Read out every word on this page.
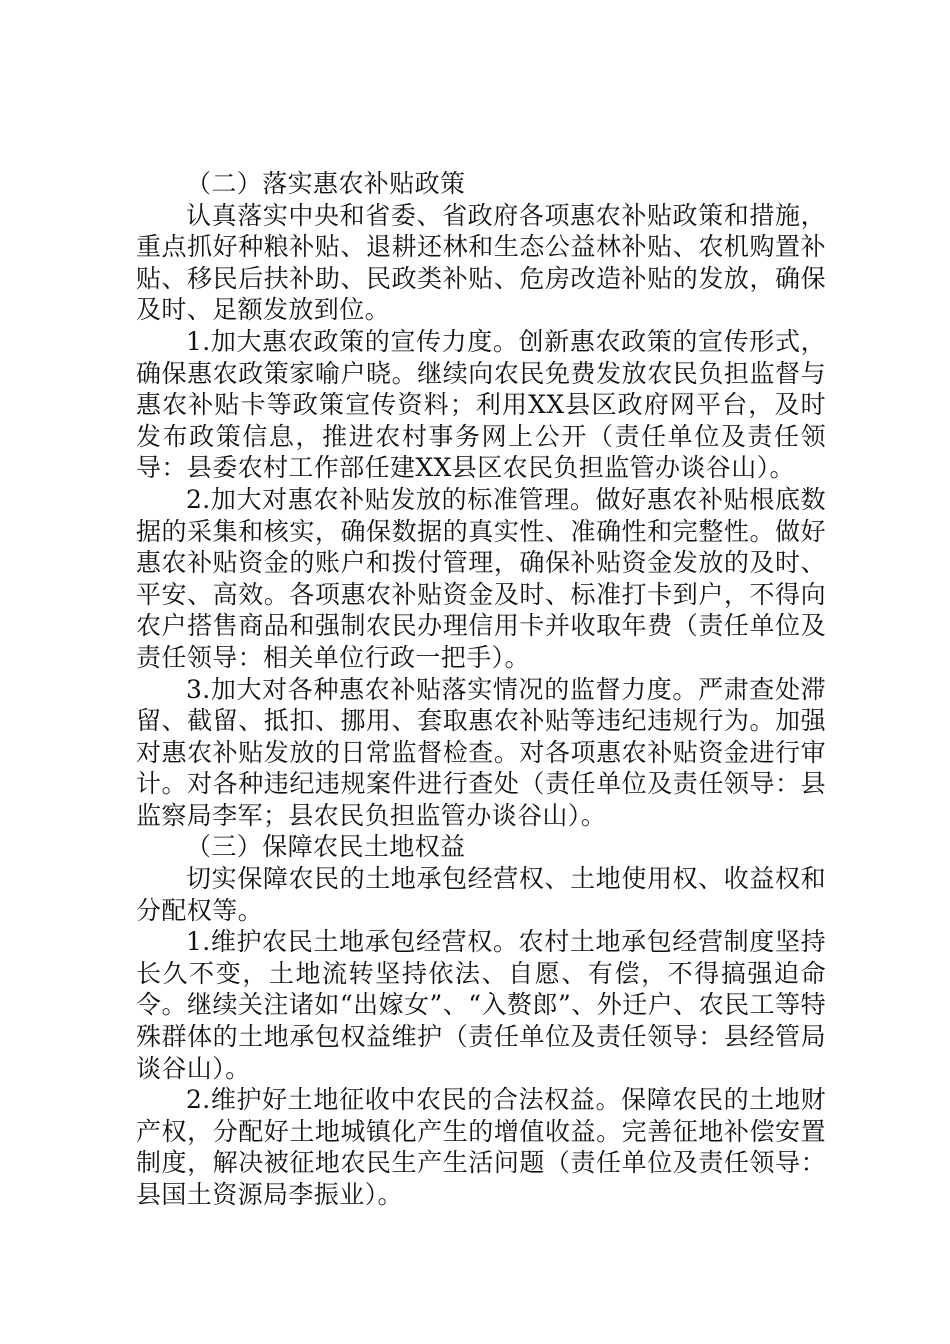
（二）落实惠农补贴政策

认真落实中央和省委、省政府各项惠农补贴政策和措施，重点抓好种粮补贴、退耕还林和生态公益林补贴、农机购置补贴、移民后扶补助、民政类补贴、危房改造补贴的发放，确保及时、足额发放到位。

1.加大惠农政策的宣传力度。创新惠农政策的宣传形式，确保惠农政策家喻户晓。继续向农民免费发放农民负担监督与惠农补贴卡等政策宣传资料；利用XX县区政府网平台，及时发布政策信息，推进农村事务网上公开（责任单位及责任领导：县委农村工作部任建XX县区农民负担监管办谈谷山）。

2.加大对惠农补贴发放的标准管理。做好惠农补贴根底数据的采集和核实，确保数据的真实性、准确性和完整性。做好惠农补贴资金的账户和拨付管理，确保补贴资金发放的及时、平安、高效。各项惠农补贴资金及时、标准打卡到户，不得向农户搭售商品和强制农民办理信用卡并收取年费（责任单位及责任领导：相关单位行政一把手）。

3.加大对各种惠农补贴落实情况的监督力度。严肃查处滞留、截留、抵扣、挪用、套取惠农补贴等违纪违规行为。加强对惠农补贴发放的日常监督检查。对各项惠农补贴资金进行审计。对各种违纪违规案件进行查处（责任单位及责任领导：县监察局李军；县农民负担监管办谈谷山）。

（三）保障农民土地权益

切实保障农民的土地承包经营权、土地使用权、收益权和分配权等。

1.维护农民土地承包经营权。农村土地承包经营制度坚持长久不变，土地流转坚持依法、自愿、有偿，不得搞强迫命令。继续关注诸如“出嫁女”、“入赘郎”、外迁户、农民工等特殊群体的土地承包权益维护（责任单位及责任领导：县经管局谈谷山）。

2.维护好土地征收中农民的合法权益。保障农民的土地财产权，分配好土地城镇化产生的增值收益。完善征地补偿安置制度，解决被征地农民生产生活问题（责任单位及责任领导：县国土资源局李振业）。
